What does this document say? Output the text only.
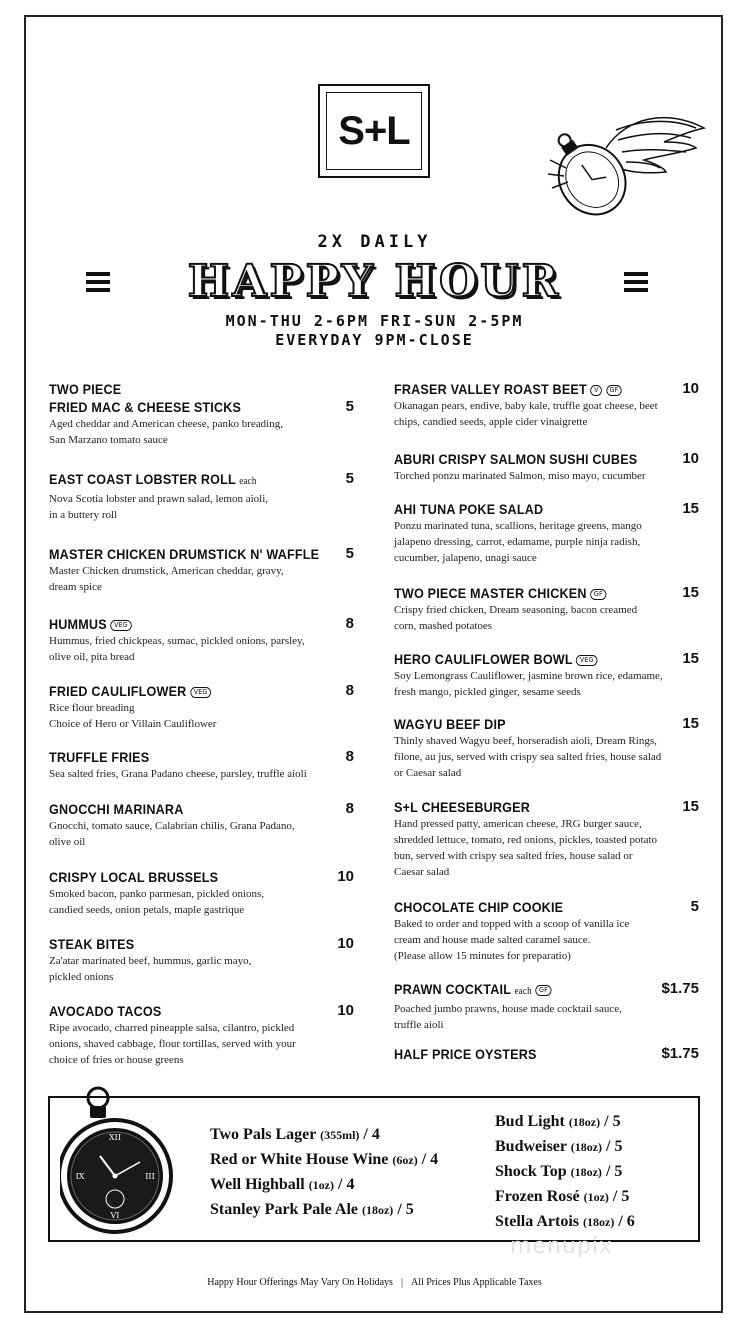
S+L
2X DAILY
HAPPY HOUR
MON-THU 2-6PM FRI-SUN 2-5PM
EVERYDAY 9PM-CLOSE
TWO PIECE
FRIED MAC & CHEESE STICKS	5
Aged cheddar and American cheese, panko breading,
San Marzano tomato sauce
EAST COAST LOBSTER ROLL each	5
Nova Scotia lobster and prawn salad, lemon aioli,
in a buttery roll
MASTER CHICKEN DRUMSTICK N' WAFFLE 5
Master Chicken drumstick, American cheddar, gravy,
dream spice
HUMMUS VEG	8
Hummus, fried chickpeas, sumac, pickled onions, parsley,
olive oil, pita bread
FRIED CAULIFLOWER VEG	8
Rice flour breading
Choice of Hero or Villain Cauliflower
TRUFFLE FRIES	8
Sea salted fries, Grana Padano cheese, parsley, truffle aioli
GNOCCHI MARINARA	8
Gnocchi, tomato sauce, Calabrian chilis, Grana Padano,
olive oil
CRISPY LOCAL BRUSSELS	10
Smoked bacon, panko parmesan, pickled onions,
candied seeds, onion petals, maple gastrique
STEAK BITES	10
Za'atar marinated beef, hummus, garlic mayo,
pickled onions
AVOCADO TACOS	10
Ripe avocado, charred pineapple salsa, cilantro, pickled
onions, shaved cabbage, flour tortillas, served with your
choice of fries or house greens
FRASER VALLEY ROAST BEET V GF	10
Okanagan pears, endive, baby kale, truffle goat cheese, beet
chips, candied seeds, apple cider vinaigrette
ABURI CRISPY SALMON SUSHI CUBES	10
Torched ponzu marinated Salmon, miso mayo, cucumber
AHI TUNA POKE SALAD	15
Ponzu marinated tuna, scallions, heritage greens, mango
jalapeno dressing, carrot, edamame, purple ninja radish,
cucumber, jalapeno, unagi sauce
TWO PIECE MASTER CHICKEN GF	15
Crispy fried chicken, Dream seasoning, bacon creamed
corn, mashed potatoes
HERO CAULIFLOWER BOWL VEG	15
Soy Lemongrass Cauliflower, jasmine brown rice, edamame,
fresh mango, pickled ginger, sesame seeds
WAGYU BEEF DIP	15
Thinly shaved Wagyu beef, horseradish aioli, Dream Rings,
filone, au jus, served with crispy sea salted fries, house salad
or Caesar salad
S+L CHEESEBURGER	15
Hand pressed patty, american cheese, JRG burger sauce,
shredded lettuce, tomato, red onions, pickles, toasted potato
bun, served with crispy sea salted fries, house salad or
Caesar salad
CHOCOLATE CHIP COOKIE	5
Baked to order and topped with a scoop of vanilla ice
cream and house made salted caramel sauce.
(Please allow 15 minutes for preparatio)
PRAWN COCKTAIL each GF	$1.75
Poached jumbo prawns, house made cocktail sauce,
truffle aioli
HALF PRICE OYSTERS	$1.75
XII
III
VI
IX
Two Pals Lager (355ml) / 4
Red or White House Wine (6oz) / 4
Well Highball (1oz) / 4
Stanley Park Pale Ale (18oz) / 5
Bud Light (18oz) / 5
Budweiser (18oz) / 5
Shock Top (18oz) / 5
Frozen Rosé (1oz) / 5
Stella Artois (18oz) / 6
Happy Hour Offerings May Vary On Holidays | All Prices Plus Applicable Taxes
menupix
